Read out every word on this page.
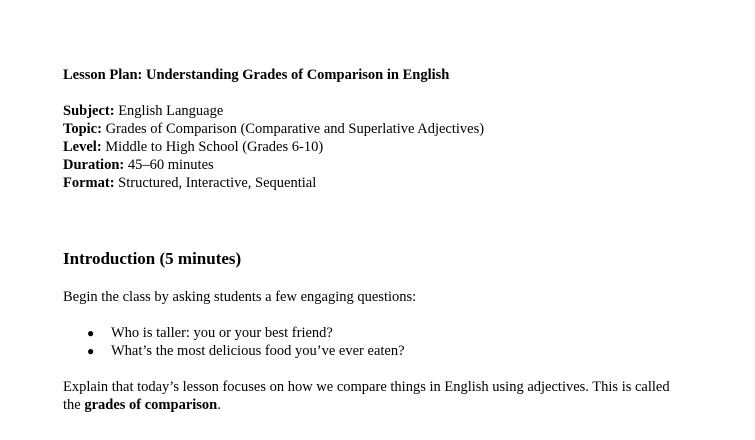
Lesson Plan: Understanding Grades of Comparison in English

Subject: English Language
Topic: Grades of Comparison (Comparative and Superlative Adjectives)
Level: Middle to High School (Grades 6-10)
Duration: 45–60 minutes
Format: Structured, Interactive, Sequential
Introduction (5 minutes)
Begin the class by asking students a few engaging questions:
● Who is taller: you or your best friend?
● What’s the most delicious food you’ve ever eaten?
Explain that today’s lesson focuses on how we compare things in English using adjectives. This is called the grades of comparison.
